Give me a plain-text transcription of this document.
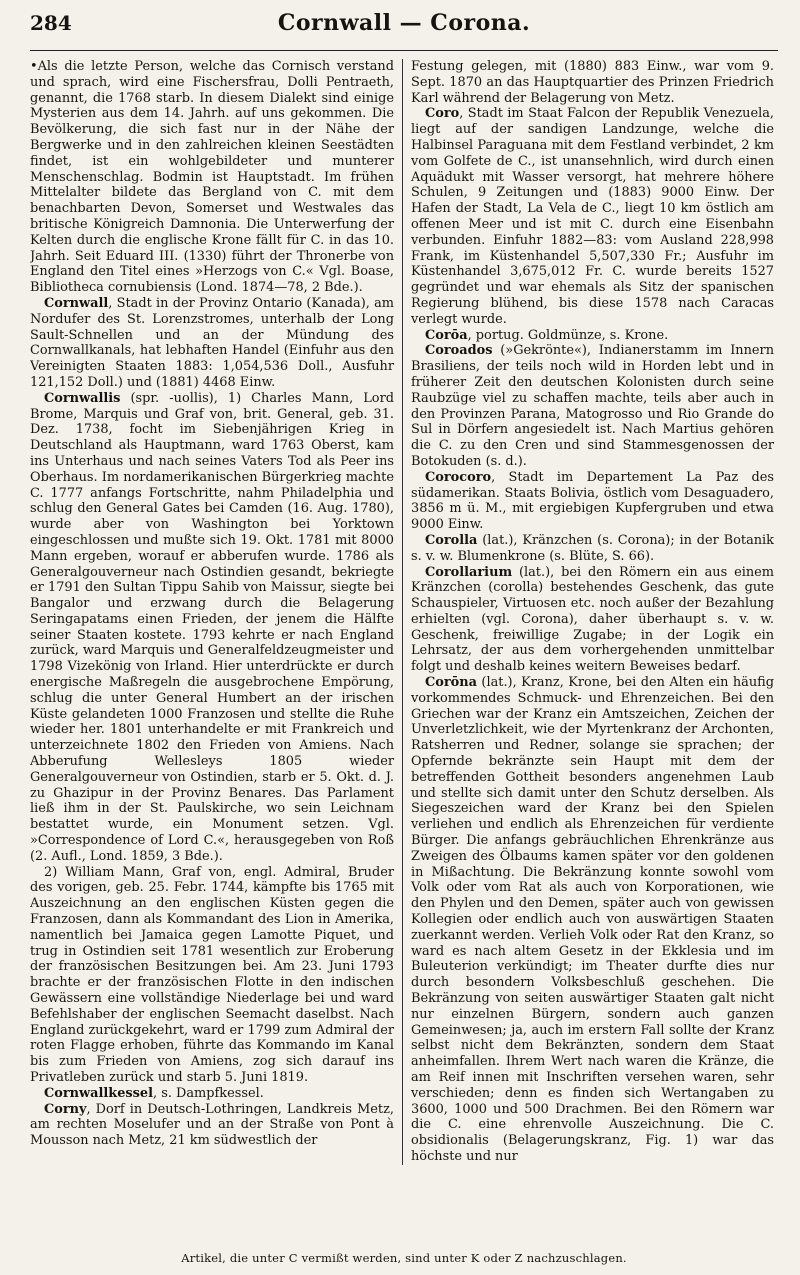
284	Cornwall — Corona.

•Als die letzte Person, welche das Cornisch verstand und sprach, wird eine Fischersfrau, Dolli Pentraeth, genannt, die 1768 starb. In diesem Dialekt sind einige Mysterien aus dem 14. Jahrh. auf uns gekommen. Die Bevölkerung, die sich fast nur in der Nähe der Bergwerke und in den zahlreichen kleinen Seestädten findet, ist ein wohlgebildeter und munterer Menschenschlag. Bodmin ist Hauptstadt. Im frühen Mittelalter bildete das Bergland von C. mit dem benachbarten Devon, Somerset und Westwales das britische Königreich Damnonia. Die Unterwerfung der Kelten durch die englische Krone fällt für C. in das 10. Jahrh. Seit Eduard III. (1330) führt der Thronerbe von England den Titel eines »Herzogs von C.« Vgl. Boase, Bibliotheca cornubiensis (Lond. 1874—78, 2 Bde.).

Cornwall, Stadt in der Provinz Ontario (Kanada), am Nordufer des St. Lorenzstromes, unterhalb der Long Sault-Schnellen und an der Mündung des Cornwallkanals, hat lebhaften Handel (Einfuhr aus den Vereinigten Staaten 1883: 1,054,536 Doll., Ausfuhr 121,152 Doll.) und (1881) 4468 Einw.

Cornwallis (spr. -uollis), 1) Charles Mann, Lord Brome, Marquis und Graf von, brit. General, geb. 31. Dez. 1738, focht im Siebenjährigen Krieg in Deutschland als Hauptmann, ward 1763 Oberst, kam ins Unterhaus und nach seines Vaters Tod als Peer ins Oberhaus. Im nordamerikanischen Bürgerkrieg machte C. 1777 anfangs Fortschritte, nahm Philadelphia und schlug den General Gates bei Camden (16. Aug. 1780), wurde aber von Washington bei Yorktown eingeschlossen und mußte sich 19. Okt. 1781 mit 8000 Mann ergeben, worauf er abberufen wurde. 1786 als Generalgouverneur nach Ostindien gesandt, bekriegte er 1791 den Sultan Tippu Sahib von Maissur, siegte bei Bangalor und erzwang durch die Belagerung Seringapatams einen Frieden, der jenem die Hälfte seiner Staaten kostete. 1793 kehrte er nach England zurück, ward Marquis und Generalfeldzeugmeister und 1798 Vizekönig von Irland. Hier unterdrückte er durch energische Maßregeln die ausgebrochene Empörung, schlug die unter General Humbert an der irischen Küste gelandeten 1000 Franzosen und stellte die Ruhe wieder her. 1801 unterhandelte er mit Frankreich und unterzeichnete 1802 den Frieden von Amiens. Nach Abberufung Wellesleys 1805 wieder Generalgouverneur von Ostindien, starb er 5. Okt. d. J. zu Ghazipur in der Provinz Benares. Das Parlament ließ ihm in der St. Paulskirche, wo sein Leichnam bestattet wurde, ein Monument setzen. Vgl. »Correspondence of Lord C.«, herausgegeben von Roß (2. Aufl., Lond. 1859, 3 Bde.).

2) William Mann, Graf von, engl. Admiral, Bruder des vorigen, geb. 25. Febr. 1744, kämpfte bis 1765 mit Auszeichnung an den englischen Küsten gegen die Franzosen, dann als Kommandant des Lion in Amerika, namentlich bei Jamaica gegen Lamotte Piquet, und trug in Ostindien seit 1781 wesentlich zur Eroberung der französischen Besitzungen bei. Am 23. Juni 1793 brachte er der französischen Flotte in den indischen Gewässern eine vollständige Niederlage bei und ward Befehlshaber der englischen Seemacht daselbst. Nach England zurückgekehrt, ward er 1799 zum Admiral der roten Flagge erhoben, führte das Kommando im Kanal bis zum Frieden von Amiens, zog sich darauf ins Privatleben zurück und starb 5. Juni 1819.

Cornwallkessel, s. Dampfkessel.

Corny, Dorf in Deutsch-Lothringen, Landkreis Metz, am rechten Moselufer und an der Straße von Pont à Mousson nach Metz, 21 km südwestlich der

Festung gelegen, mit (1880) 883 Einw., war vom 9. Sept. 1870 an das Hauptquartier des Prinzen Friedrich Karl während der Belagerung von Metz.

Coro, Stadt im Staat Falcon der Republik Venezuela, liegt auf der sandigen Landzunge, welche die Halbinsel Paraguana mit dem Festland verbindet, 2 km vom Golfete de C., ist unansehnlich, wird durch einen Aquädukt mit Wasser versorgt, hat mehrere höhere Schulen, 9 Zeitungen und (1883) 9000 Einw. Der Hafen der Stadt, La Vela de C., liegt 10 km östlich am offenen Meer und ist mit C. durch eine Eisenbahn verbunden. Einfuhr 1882—83: vom Ausland 228,998 Frank, im Küstenhandel 5,507,330 Fr.; Ausfuhr im Küstenhandel 3,675,012 Fr. C. wurde bereits 1527 gegründet und war ehemals als Sitz der spanischen Regierung blühend, bis diese 1578 nach Caracas verlegt wurde.

Corōa, portug. Goldmünze, s. Krone.

Coroados (»Gekrönte«), Indianerstamm im Innern Brasiliens, der teils noch wild in Horden lebt und in früherer Zeit den deutschen Kolonisten durch seine Raubzüge viel zu schaffen machte, teils aber auch in den Provinzen Parana, Matogrosso und Rio Grande do Sul in Dörfern angesiedelt ist. Nach Martius gehören die C. zu den Cren und sind Stammesgenossen der Botokuden (s. d.).

Corocoro, Stadt im Departement La Paz des südamerikan. Staats Bolivia, östlich vom Desaguadero, 3856 m ü. M., mit ergiebigen Kupfergruben und etwa 9000 Einw.

Corolla (lat.), Kränzchen (s. Corona); in der Botanik s. v. w. Blumenkrone (s. Blüte, S. 66).

Corollarium (lat.), bei den Römern ein aus einem Kränzchen (corolla) bestehendes Geschenk, das gute Schauspieler, Virtuosen etc. noch außer der Bezahlung erhielten (vgl. Corona), daher überhaupt s. v. w. Geschenk, freiwillige Zugabe; in der Logik ein Lehrsatz, der aus dem vorhergehenden unmittelbar folgt und deshalb keines weitern Beweises bedarf.

Corōna (lat.), Kranz, Krone, bei den Alten ein häufig vorkommendes Schmuck- und Ehrenzeichen. Bei den Griechen war der Kranz ein Amtszeichen, Zeichen der Unverletzlichkeit, wie der Myrtenkranz der Archonten, Ratsherren und Redner, solange sie sprachen; der Opfernde bekränzte sein Haupt mit dem der betreffenden Gottheit besonders angenehmen Laub und stellte sich damit unter den Schutz derselben. Als Siegeszeichen ward der Kranz bei den Spielen verliehen und endlich als Ehrenzeichen für verdiente Bürger. Die anfangs gebräuchlichen Ehrenkränze aus Zweigen des Ölbaums kamen später vor den goldenen in Mißachtung. Die Bekränzung konnte sowohl vom Volk oder vom Rat als auch von Korporationen, wie den Phylen und den Demen, später auch von gewissen Kollegien oder endlich auch von auswärtigen Staaten zuerkannt werden. Verlieh Volk oder Rat den Kranz, so ward es nach altem Gesetz in der Ekklesia und im Buleuterion verkündigt; im Theater durfte dies nur durch besondern Volksbeschluß geschehen. Die Bekränzung von seiten auswärtiger Staaten galt nicht nur einzelnen Bürgern, sondern auch ganzen Gemeinwesen; ja, auch im erstern Fall sollte der Kranz selbst nicht dem Bekränzten, sondern dem Staat anheimfallen. Ihrem Wert nach waren die Kränze, die am Reif innen mit Inschriften versehen waren, sehr verschieden; denn es finden sich Wertangaben zu 3600, 1000 und 500 Drachmen. Bei den Römern war die C. eine ehrenvolle Auszeichnung. Die C. obsidionalis (Belagerungskranz, Fig. 1) war das höchste und nur

Artikel, die unter C vermißt werden, sind unter K oder Z nachzuschlagen.
